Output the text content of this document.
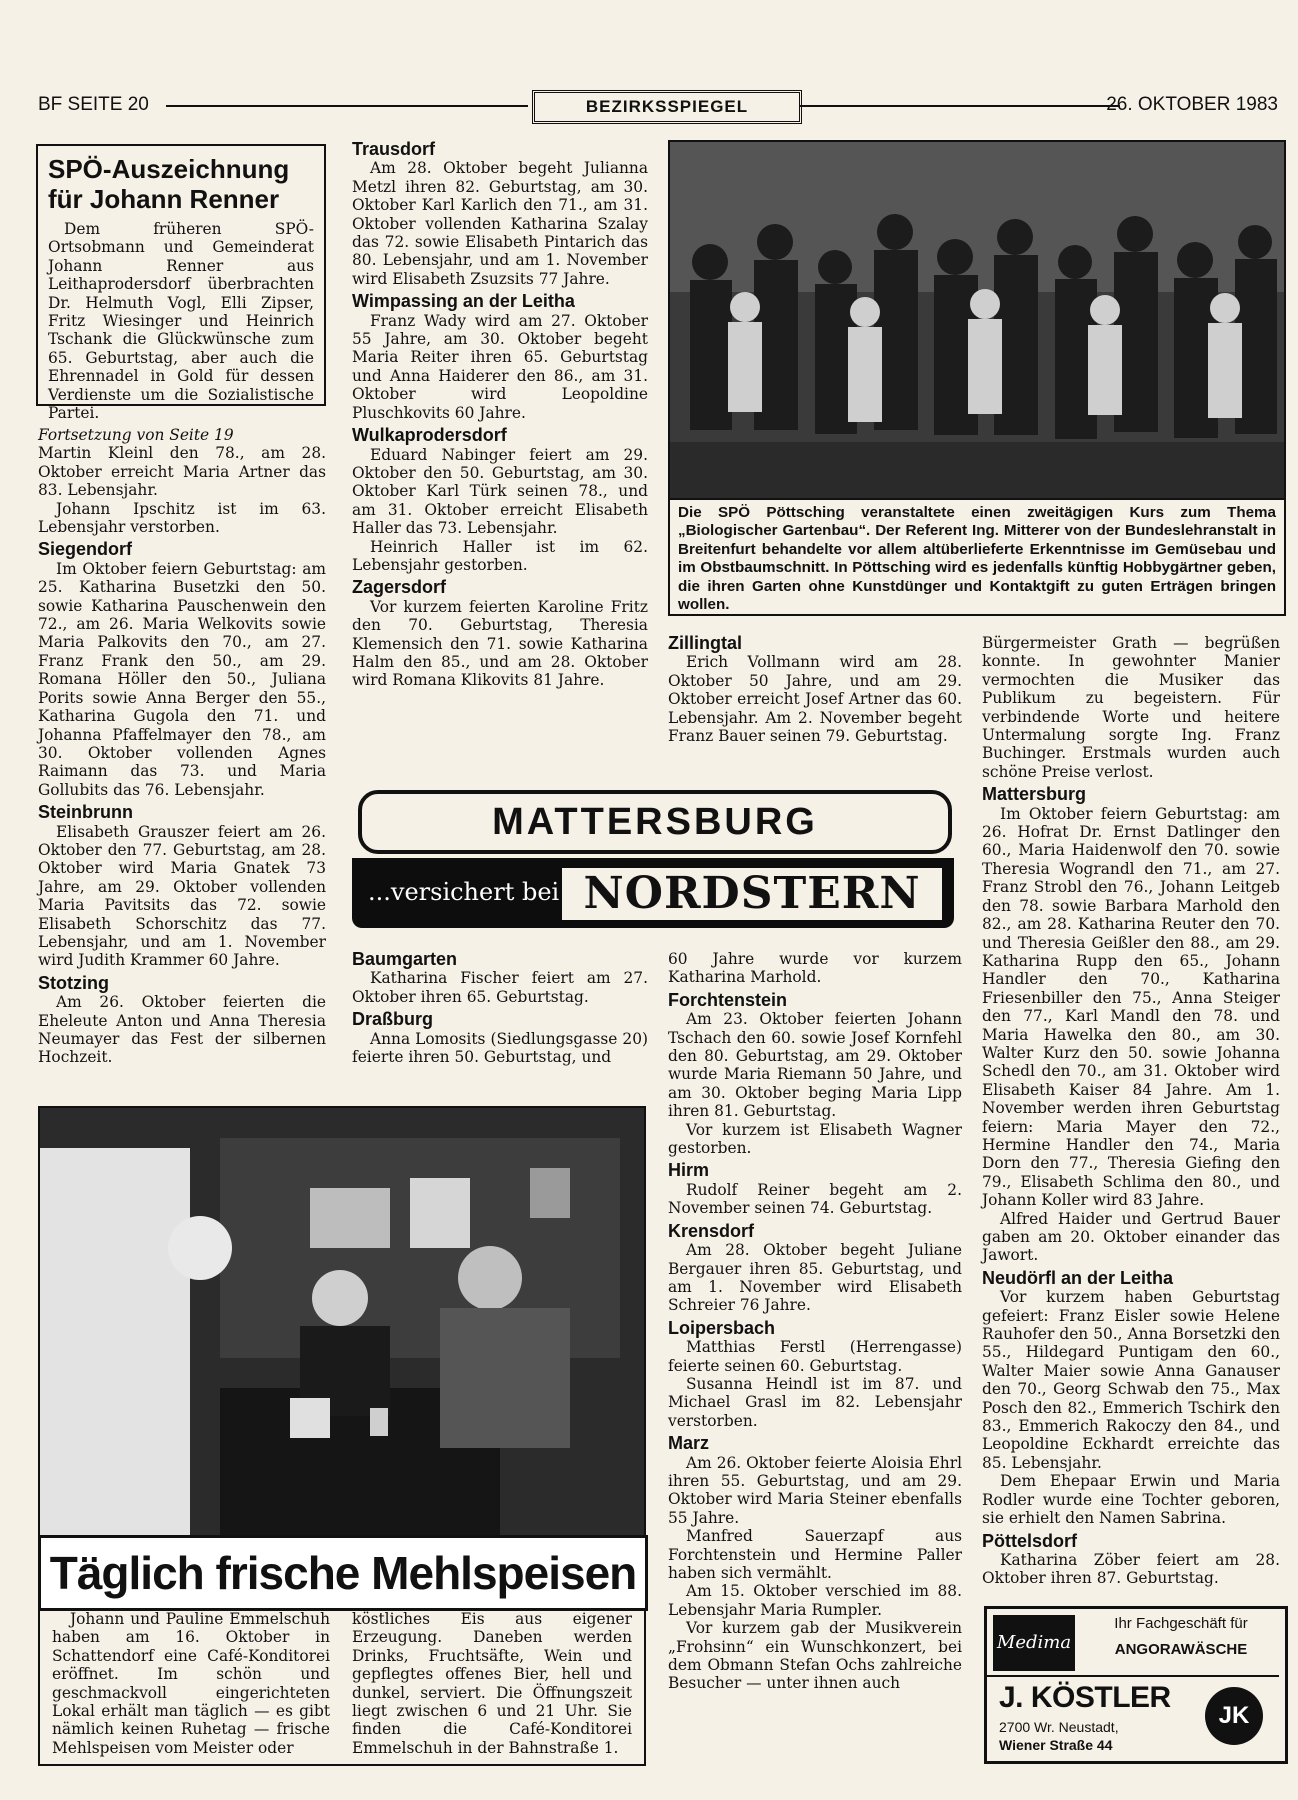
BF SEITE 20	BEZIRKSSPIEGEL	26. OKTOBER 1983
SPÖ-Auszeichnung für Johann Renner
Dem früheren SPÖ-Ortsobmann und Gemeinderat Johann Renner aus Leithaprodersdorf überbrachten Dr. Helmuth Vogl, Elli Zipser, Fritz Wiesinger und Heinrich Tschank die Glückwünsche zum 65. Geburtstag, aber auch die Ehrennadel in Gold für dessen Verdienste um die Sozialistische Partei.

Fortsetzung von Seite 19

Martin Kleinl den 78., am 28. Oktober erreicht Maria Artner das 83. Lebensjahr.

Johann Ipschitz ist im 63. Lebensjahr verstorben.

Siegendorf

Im Oktober feiern Geburtstag: am 25. Katharina Busetzki den 50. sowie Katharina Pauschenwein den 72., am 26. Maria Welkovits sowie Maria Palkovits den 70., am 27. Franz Frank den 50., am 29. Romana Höller den 50., Juliana Porits sowie Anna Berger den 55., Katharina Gugola den 71. und Johanna Pfaffelmayer den 78., am 30. Oktober vollenden Agnes Raimann das 73. und Maria Gollubits das 76. Lebensjahr.

Steinbrunn

Elisabeth Grauszer feiert am 26. Oktober den 77. Geburtstag, am 28. Oktober wird Maria Gnatek 73 Jahre, am 29. Oktober vollenden Maria Pavitsits das 72. sowie Elisabeth Schorschitz das 77. Lebensjahr, und am 1. November wird Judith Krammer 60 Jahre.

Stotzing

Am 26. Oktober feierten die Eheleute Anton und Anna Theresia Neumayer das Fest der silbernen Hochzeit.

Trausdorf

Am 28. Oktober begeht Julianna Metzl ihren 82. Geburtstag, am 30. Oktober Karl Karlich den 71., am 31. Oktober vollenden Katharina Szalay das 72. sowie Elisabeth Pintarich das 80. Lebensjahr, und am 1. November wird Elisabeth Zsuzsits 77 Jahre.

Wimpassing an der Leitha

Franz Wady wird am 27. Oktober 55 Jahre, am 30. Oktober begeht Maria Reiter ihren 65. Geburtstag und Anna Haiderer den 86., am 31. Oktober wird Leopoldine Pluschkovits 60 Jahre.

Wulkaprodersdorf

Eduard Nabinger feiert am 29. Oktober den 50. Geburtstag, am 30. Oktober Karl Türk seinen 78., und am 31. Oktober erreicht Elisabeth Haller das 73. Lebensjahr.

Heinrich Haller ist im 62. Lebensjahr gestorben.

Zagersdorf

Vor kurzem feierten Karoline Fritz den 70. Geburtstag, Theresia Klemensich den 71. sowie Katharina Halm den 85., und am 28. Oktober wird Romana Klikovits 81 Jahre.

Die SPÖ Pöttsching veranstaltete einen zweitägigen Kurs zum Thema „Biologischer Gartenbau“. Der Referent Ing. Mitterer von der Bundeslehranstalt in Breitenfurt behandelte vor allem altüberlieferte Erkenntnisse im Gemüsebau und im Obstbaumschnitt. In Pöttsching wird es jedenfalls künftig Hobbygärtner geben, die ihren Garten ohne Kunstdünger und Kontaktgift zu guten Erträgen bringen wollen.
Zillingtal

Erich Vollmann wird am 28. Oktober 50 Jahre, und am 29. Oktober erreicht Josef Artner das 60. Lebensjahr. Am 2. November begeht Franz Bauer seinen 79. Geburtstag.

Bürgermeister Grath — begrüßen konnte. In gewohnter Manier vermochten die Musiker das Publikum zu begeistern. Für verbindende Worte und heitere Untermalung sorgte Ing. Franz Buchinger. Erstmals wurden auch schöne Preise verlost.

Mattersburg

Im Oktober feiern Geburtstag: am 26. Hofrat Dr. Ernst Datlinger den 60., Maria Haidenwolf den 70. sowie Theresia Wograndl den 71., am 27. Franz Strobl den 76., Johann Leitgeb den 78. sowie Barbara Marhold den 82., am 28. Katharina Reuter den 70. und Theresia Geißler den 88., am 29. Katharina Rupp den 65., Johann Handler den 70., Katharina Friesenbiller den 75., Anna Steiger den 77., Karl Mandl den 78. und Maria Hawelka den 80., am 30. Walter Kurz den 50. sowie Johanna Schedl den 70., am 31. Oktober wird Elisabeth Kaiser 84 Jahre. Am 1. November werden ihren Geburtstag feiern: Maria Mayer den 72., Hermine Handler den 74., Maria Dorn den 77., Theresia Giefing den 79., Elisabeth Schlima den 80., und Johann Koller wird 83 Jahre.

Alfred Haider und Gertrud Bauer gaben am 20. Oktober einander das Jawort.

Neudörfl an der Leitha

Vor kurzem haben Geburtstag gefeiert: Franz Eisler sowie Helene Rauhofer den 50., Anna Borsetzki den 55., Hildegard Puntigam den 60., Walter Maier sowie Anna Ganauser den 70., Georg Schwab den 75., Max Posch den 82., Emmerich Tschirk den 83., Emmerich Rakoczy den 84., und Leopoldine Eckhardt erreichte das 85. Lebensjahr.

Dem Ehepaar Erwin und Maria Rodler wurde eine Tochter geboren, sie erhielt den Namen Sabrina.

Pöttelsdorf

Katharina Zöber feiert am 28. Oktober ihren 87. Geburtstag.

MATTERSBURG
...versichert bei NORDSTERN
Baumgarten

Katharina Fischer feiert am 27. Oktober ihren 65. Geburtstag.

Draßburg

Anna Lomosits (Siedlungsgasse 20) feierte ihren 50. Geburtstag, und

60 Jahre wurde vor kurzem Katharina Marhold.

Forchtenstein

Am 23. Oktober feierten Johann Tschach den 60. sowie Josef Kornfehl den 80. Geburtstag, am 29. Oktober wurde Maria Riemann 50 Jahre, und am 30. Oktober beging Maria Lipp ihren 81. Geburtstag.

Vor kurzem ist Elisabeth Wagner gestorben.

Hirm

Rudolf Reiner begeht am 2. November seinen 74. Geburtstag.

Krensdorf

Am 28. Oktober begeht Juliane Bergauer ihren 85. Geburtstag, und am 1. November wird Elisabeth Schreier 76 Jahre.

Loipersbach

Matthias Ferstl (Herrengasse) feierte seinen 60. Geburtstag.

Susanna Heindl ist im 87. und Michael Grasl im 82. Lebensjahr verstorben.

Marz

Am 26. Oktober feierte Aloisia Ehrl ihren 55. Geburtstag, und am 29. Oktober wird Maria Steiner ebenfalls 55 Jahre.

Manfred Sauerzapf aus Forchtenstein und Hermine Paller haben sich vermählt.

Am 15. Oktober verschied im 88. Lebensjahr Maria Rumpler.

Vor kurzem gab der Musikverein „Frohsinn“ ein Wunschkonzert, bei dem Obmann Stefan Ochs zahlreiche Besucher — unter ihnen auch

Täglich frische Mehlspeisen

Johann und Pauline Emmelschuh haben am 16. Oktober in Schattendorf eine Café-Konditorei eröffnet. Im schön und geschmackvoll eingerichteten Lokal erhält man täglich — es gibt nämlich keinen Ruhetag — frische Mehlspeisen vom Meister oder

köstliches Eis aus eigener Erzeugung. Daneben werden Drinks, Fruchtsäfte, Wein und gepflegtes offenes Bier, hell und dunkel, serviert. Die Öffnungszeit liegt zwischen 6 und 21 Uhr. Sie finden die Café-Konditorei Emmelschuh in der Bahnstraße 1.

Medima
Ihr Fachgeschäft für
ANGORAWÄSCHE
J. KÖSTLER
2700 Wr. Neustadt,
Wiener Straße 44
JK
